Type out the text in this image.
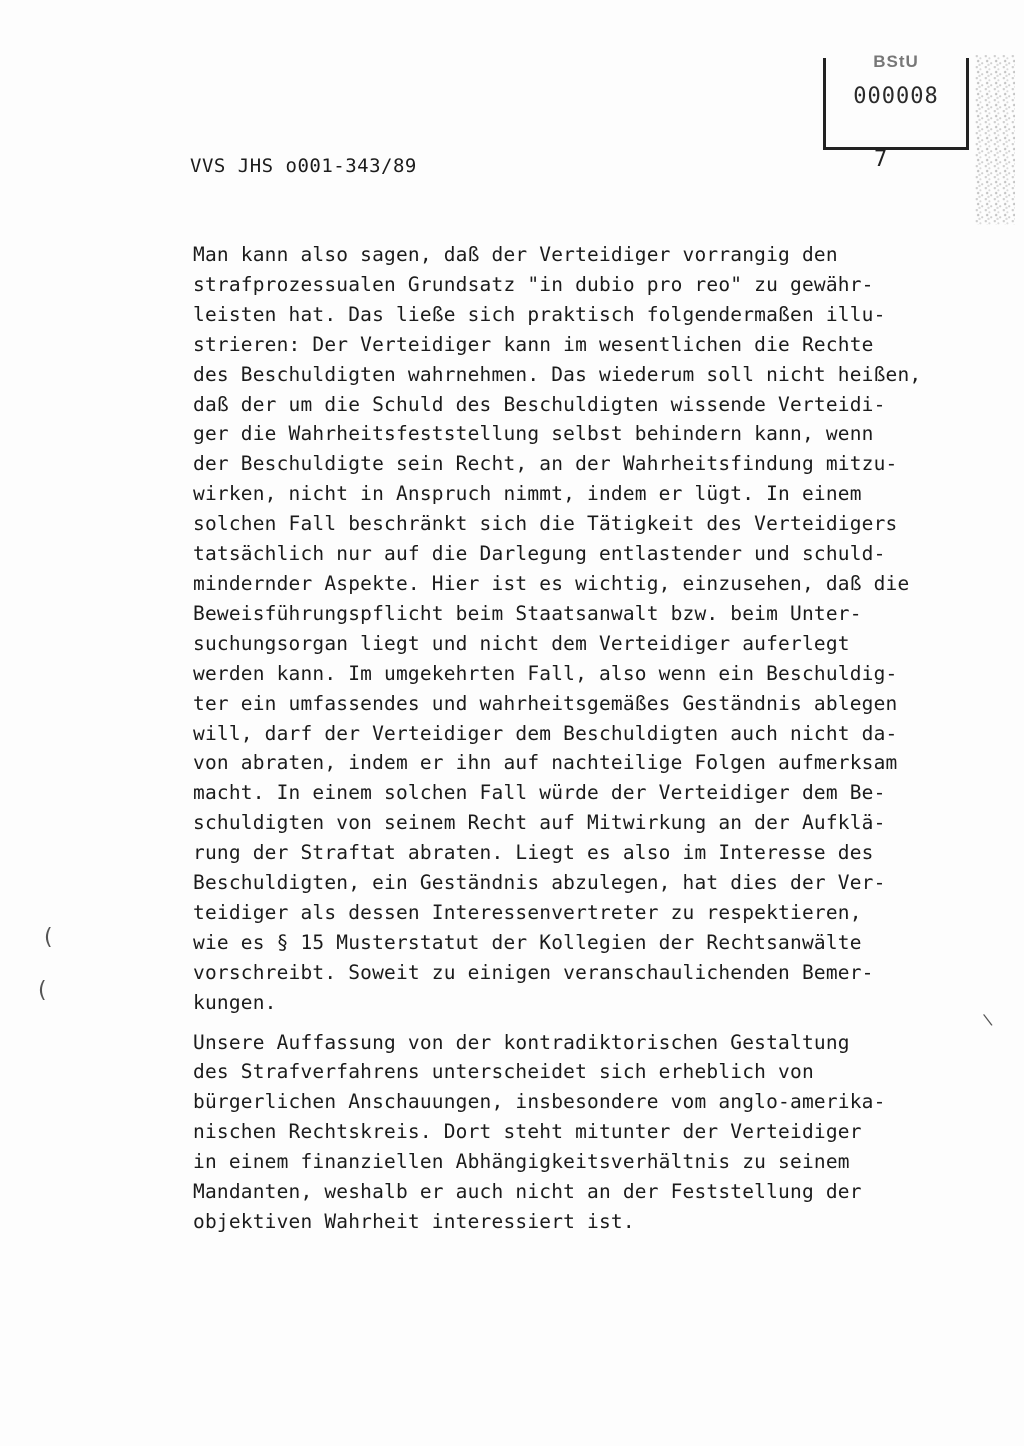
BStU
000008
VVS JHS o001-343/89	7
Man kann also sagen, daß der Verteidiger vorrangig den
strafprozessualen Grundsatz "in dubio pro reo" zu gewähr-
leisten hat. Das ließe sich praktisch folgendermaßen illu-
strieren: Der Verteidiger kann im wesentlichen die Rechte
des Beschuldigten wahrnehmen. Das wiederum soll nicht heißen,
daß der um die Schuld des Beschuldigten wissende Verteidi-
ger die Wahrheitsfeststellung selbst behindern kann, wenn
der Beschuldigte sein Recht, an der Wahrheitsfindung mitzu-
wirken, nicht in Anspruch nimmt, indem er lügt. In einem
solchen Fall beschränkt sich die Tätigkeit des Verteidigers
tatsächlich nur auf die Darlegung entlastender und schuld-
mindernder Aspekte. Hier ist es wichtig, einzusehen, daß die
Beweisführungspflicht beim Staatsanwalt bzw. beim Unter-
suchungsorgan liegt und nicht dem Verteidiger auferlegt
werden kann. Im umgekehrten Fall, also wenn ein Beschuldig-
ter ein umfassendes und wahrheitsgemäßes Geständnis ablegen
will, darf der Verteidiger dem Beschuldigten auch nicht da-
von abraten, indem er ihn auf nachteilige Folgen aufmerksam
macht. In einem solchen Fall würde der Verteidiger dem Be-
schuldigten von seinem Recht auf Mitwirkung an der Aufklä-
rung der Straftat abraten. Liegt es also im Interesse des
Beschuldigten, ein Geständnis abzulegen, hat dies der Ver-
teidiger als dessen Interessenvertreter zu respektieren,
wie es § 15 Musterstatut der Kollegien der Rechtsanwälte
vorschreibt. Soweit zu einigen veranschaulichenden Bemer-
kungen.
Unsere Auffassung von der kontradiktorischen Gestaltung
des Strafverfahrens unterscheidet sich erheblich von
bürgerlichen Anschauungen, insbesondere vom anglo-amerika-
nischen Rechtskreis. Dort steht mitunter der Verteidiger
in einem finanziellen Abhängigkeitsverhältnis zu seinem
Mandanten, weshalb er auch nicht an der Feststellung der
objektiven Wahrheit interessiert ist.
(
(
\
